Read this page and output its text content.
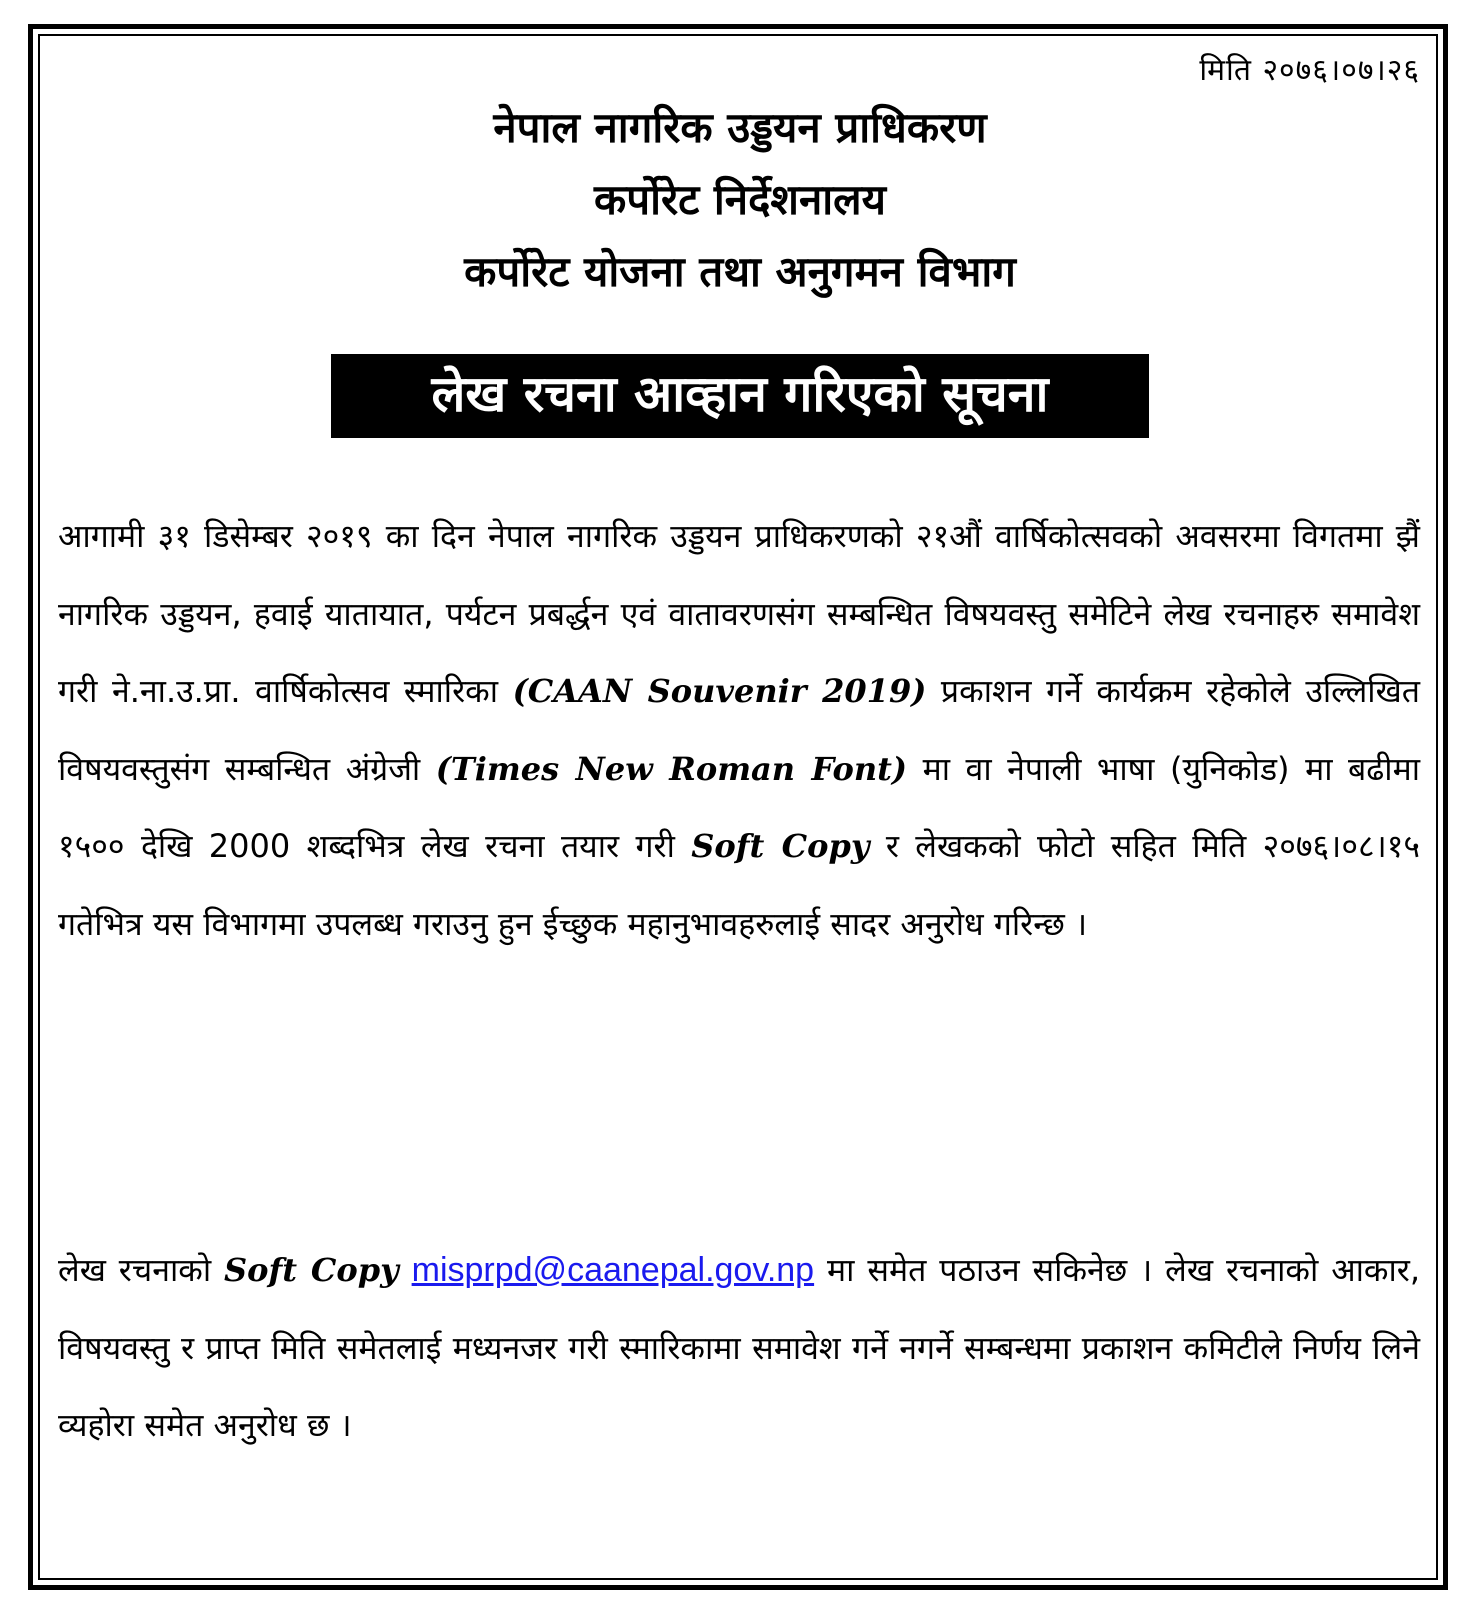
मिति २०७६।०७।२६
नेपाल नागरिक उड्डयन प्राधिकरण
कर्पोरेट निर्देशनालय
कर्पोरेट योजना तथा अनुगमन विभाग
लेख रचना आव्हान गरिएको सूचना
आगामी ३१ डिसेम्बर २०१९ का दिन नेपाल नागरिक उड्डयन प्राधिकरणको २१औं वार्षिकोत्सवको अवसरमा विगतमा झैं नागरिक उड्डयन, हवाई यातायात, पर्यटन प्रबर्द्धन एवं वातावरणसंग सम्बन्धित विषयवस्तु समेटिने लेख रचनाहरु समावेश गरी ने.ना.उ.प्रा. वार्षिकोत्सव स्मारिका (CAAN Souvenir 2019) प्रकाशन गर्ने कार्यक्रम रहेकोले उल्लिखित विषयवस्तुसंग सम्बन्धित अंग्रेजी (Times New Roman Font) मा वा नेपाली भाषा (युनिकोड) मा बढीमा १५०० देखि 2000 शब्दभित्र लेख रचना तयार गरी Soft Copy र लेखकको फोटो सहित मिति २०७६।०८।१५ गतेभित्र यस विभागमा उपलब्ध गराउनु हुन ईच्छुक महानुभावहरुलाई सादर अनुरोध गरिन्छ ।
लेख रचनाको Soft Copy misprpd@caanepal.gov.np मा समेत पठाउन सकिनेछ । लेख रचनाको आकार, विषयवस्तु र प्राप्त मिति समेतलाई मध्यनजर गरी स्मारिकामा समावेश गर्ने नगर्ने सम्बन्धमा प्रकाशन कमिटीले निर्णय लिने व्यहोरा समेत अनुरोध छ ।
